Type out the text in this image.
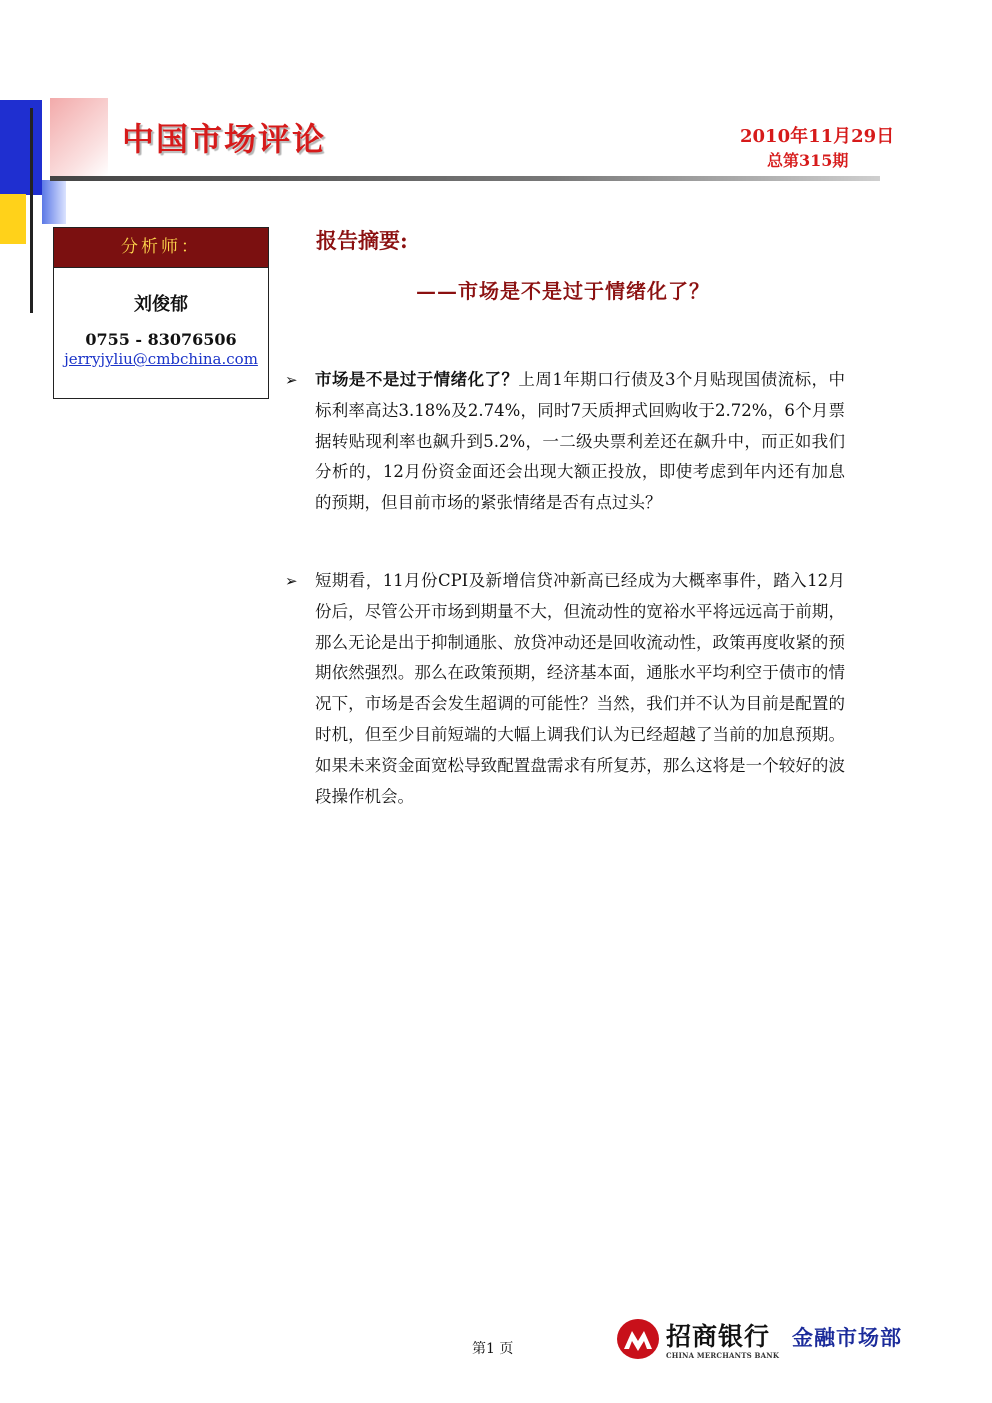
中国市场评论	2010年11月29日
总第315期
分析师：
刘俊郁
0755 - 83076506
jerryjyliu@cmbchina.com
报告摘要:
——市场是不是过于情绪化了？
➢ 市场是不是过于情绪化了？上周1年期口行债及3个月贴现国债流标，中标利率高达3.18%及2.74%，同时7天质押式回购收于2.72%，6个月票据转贴现利率也飙升到5.2%，一二级央票利差还在飙升中，而正如我们分析的，12月份资金面还会出现大额正投放，即使考虑到年内还有加息的预期，但目前市场的紧张情绪是否有点过头？
➢ 短期看，11月份CPI及新增信贷冲新高已经成为大概率事件，踏入12月份后，尽管公开市场到期量不大，但流动性的宽裕水平将远远高于前期，那么无论是出于抑制通胀、放贷冲动还是回收流动性，政策再度收紧的预期依然强烈。那么在政策预期，经济基本面，通胀水平均利空于债市的情况下，市场是否会发生超调的可能性？当然，我们并不认为目前是配置的时机，但至少目前短端的大幅上调我们认为已经超越了当前的加息预期。如果未来资金面宽松导致配置盘需求有所复苏，那么这将是一个较好的波段操作机会。
第1 页	招商银行
CHINA MERCHANTS BANK
金融市场部
